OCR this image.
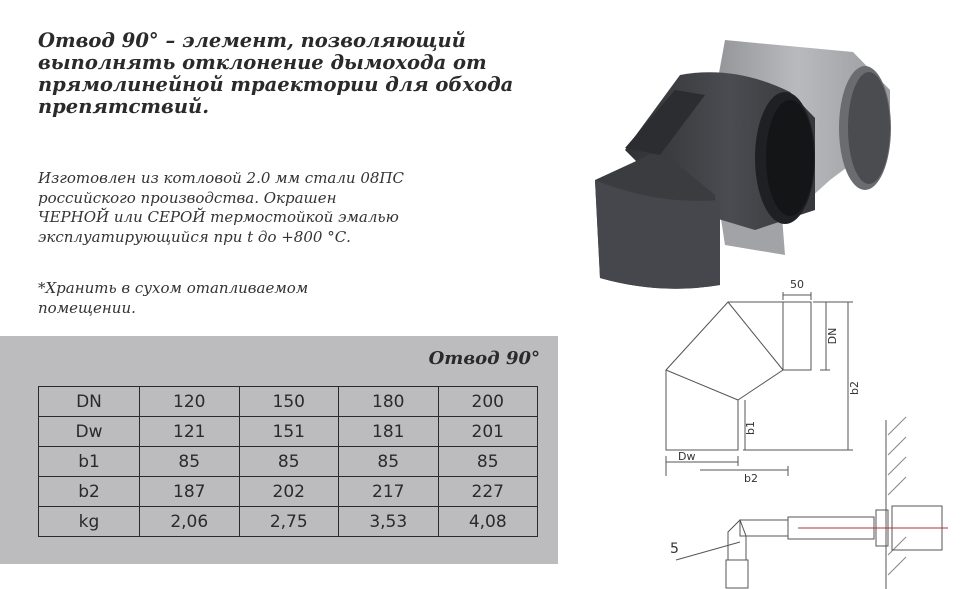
Отвод 90° – элемент, позволяющий
выполнять отклонение дымохода от
прямолинейной траектории для обхода
препятствий.

Изготовлен из котловой 2.0 мм стали 08ПС
российского производства. Окрашен
ЧЕРНОЙ или СЕРОЙ термостойкой эмалью
эксплуатирующийся при t до +800 °С.

*Хранить в сухом отапливаемом
помещении.

Отвод 90°
DN	120	150	180	200
Dw	121	151	181	201
b1	85	85	85	85
b2	187	202	217	227
kg	2,06	2,75	3,53	4,08
50
DN
b2
b1
Dw
b2
5
